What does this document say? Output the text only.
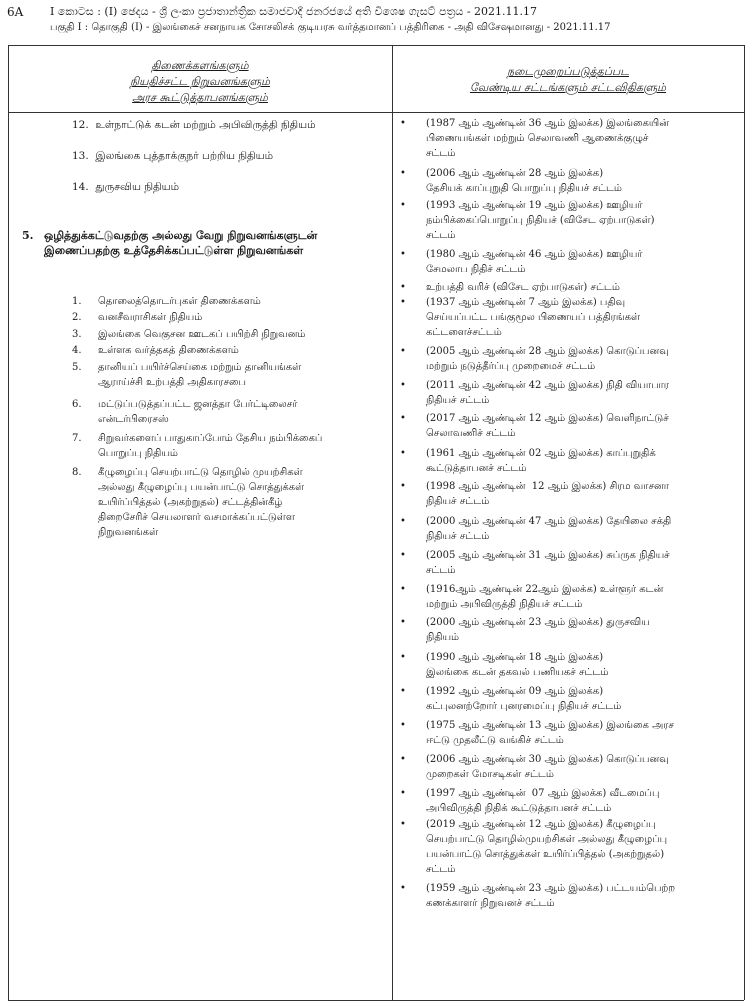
6A I කොටස : (I) ඡෙදය - ශ්‍රී ලංකා ප්‍රජාතාන්ත්‍රික සමාජවාදී ජනරජයේ අති විශෙෂ ගැසට් පත්‍රය - 2021.11.17
பகுதி I : தொகுதி (I) - இலங்கைச் சனநாயக சோசலிசக் குடியரசு வர்த்தமானப் பத்திரிகை - அதி விசேஷமானது - 2021.11.17
திணைக்களங்களும்
நியதிச்சட்ட நிறுவனங்களும்
அரச கூட்டுத்தாபனங்களும்
நடைமுறைப்படுத்தப்பட
வேண்டிய சட்டங்களும் சட்டவிதிகளும்
12. உள்நாட்டுக் கடன் மற்றும் அபிவிருத்தி நிதியம்
13. இலங்கை புத்தாக்குநர் பற்றிய நிதியம்
14. துருசவிய நிதியம்
5. ஒழித்துக்கட்டுவதற்கு அல்லது வேறு நிறுவனங்களுடன்
இணைப்பதற்கு உத்தேசிக்கப்பட்டுள்ள நிறுவனங்கள்
1. தொலைத்தொடர்புகள் திணைக்களம்
2. வனசீவராசிகள் நிதியம்
3. இலங்கை வெகுசன ஊடகப் பயிற்சி நிறுவனம்
4. உள்ளக வர்த்தகத் திணைக்களம்
5. தானியப் பயிர்ச்செய்கை மற்றும் தானியங்கள்
ஆராய்ச்சி உற்பத்தி அதிகாரசபை
6. மட்டுப்படுத்தப்பட்ட ஜனத்தா பேர்ட்டிலைசர்
என்டர்பிரைசஸ்
7. சிறுவர்களைப் பாதுகாப்போம் தேசிய நம்பிக்கைப்
பொறுப்பு நிதியம்
8. கீழுழைப்பு செயற்பாட்டு தொழில் முயற்சிகள்
அல்லது கீழுழைப்பு பயன்பாட்டு சொத்துக்கள்
உயிர்ப்பித்தல் (அகற்றுதல்) சட்டத்தின்கீழ்
திறைசேரிச் செயலாளர் வசமாக்கப்பட்டுள்ள
நிறுவனங்கள்
• (1987 ஆம் ஆண்டின் 36 ஆம் இலக்க) இலங்கையின்
பிணையங்கள் மற்றும் செலாவணி ஆணைக்குழுச்
சட்டம்
• (2006 ஆம் ஆண்டின் 28 ஆம் இலக்க)
தேசியக் காப்புறுதி பொறுப்பு நிதியச் சட்டம்
• (1993 ஆம் ஆண்டின் 19 ஆம் இலக்க) ஊழியர்
நம்பிக்கைப்பொறுப்பு நிதியச் (விசேட ஏற்பாடுகள்)
சட்டம்
• (1980 ஆம் ஆண்டின் 46 ஆம் இலக்க) ஊழியர்
சேமலாப நிதிச் சட்டம்
• உற்பத்தி வரிச் (விசேட ஏற்பாடுகள்) சட்டம்
• (1937 ஆம் ஆண்டின் 7 ஆம் இலக்க) பதிவு
செய்யப்பட்ட பங்குமூல பிணையப் பத்திரங்கள்
கட்டளைச்சட்டம்
• (2005 ஆம் ஆண்டின் 28 ஆம் இலக்க) கொடுப்பனவு
மற்றும் நடுத்தீர்ப்பு முறைமைச் சட்டம்
• (2011 ஆம் ஆண்டின் 42 ஆம் இலக்க) நிதி வியாபார
நிதியச் சட்டம்
• (2017 ஆம் ஆண்டின் 12 ஆம் இலக்க) வெளிநாட்டுச்
செலாவணிச் சட்டம்
• (1961 ஆம் ஆண்டின் 02 ஆம் இலக்க) காப்புறுதிக்
கூட்டுத்தாபனச் சட்டம்
• (1998 ஆம் ஆண்டின்  12 ஆம் இலக்க) சிரம வாசனா
நிதியச் சட்டம்
• (2000 ஆம் ஆண்டின் 47 ஆம் இலக்க) தேயிலை சக்தி
நிதியச் சட்டம்
• (2005 ஆம் ஆண்டின் 31 ஆம் இலக்க) சுப்ருக நிதியச்
சட்டம்
• (1916ஆம் ஆண்டின் 22ஆம் இலக்க) உள்ளூர் கடன்
மற்றும் அபிவிருத்தி நிதியச் சட்டம்
• (2000 ஆம் ஆண்டின் 23 ஆம் இலக்க) துருசவிய
நிதியம்
• (1990 ஆம் ஆண்டின் 18 ஆம் இலக்க)
இலங்கை கடன் தகவல் பணியகச் சட்டம்
• (1992 ஆம் ஆண்டின் 09 ஆம் இலக்க)
கட்புலனற்றோர் புனரமைப்பு நிதியச் சட்டம்
• (1975 ஆம் ஆண்டின் 13 ஆம் இலக்க) இலங்கை அரச
ஈட்டு முதலீட்டு வங்கிச் சட்டம்
• (2006 ஆம் ஆண்டின் 30 ஆம் இலக்க) கொடுப்பனவு
முறைகள் மோசடிகள் சட்டம்
• (1997 ஆம் ஆண்டின்  07 ஆம் இலக்க) வீடமைப்பு
அபிவிருத்தி நிதிக் கூட்டுத்தாபனச் சட்டம்
• (2019 ஆம் ஆண்டின் 12 ஆம் இலக்க) கீழுழைப்பு
செயற்பாட்டு தொழில்முயற்சிகள் அல்லது கீழுழைப்பு
பயன்பாட்டு சொத்துக்கள் உயிர்ப்பித்தல் (அகற்றுதல்)
சட்டம்
• (1959 ஆம் ஆண்டின் 23 ஆம் இலக்க) பட்டயம்பெற்ற
கணக்காளர் நிறுவனச் சட்டம்
